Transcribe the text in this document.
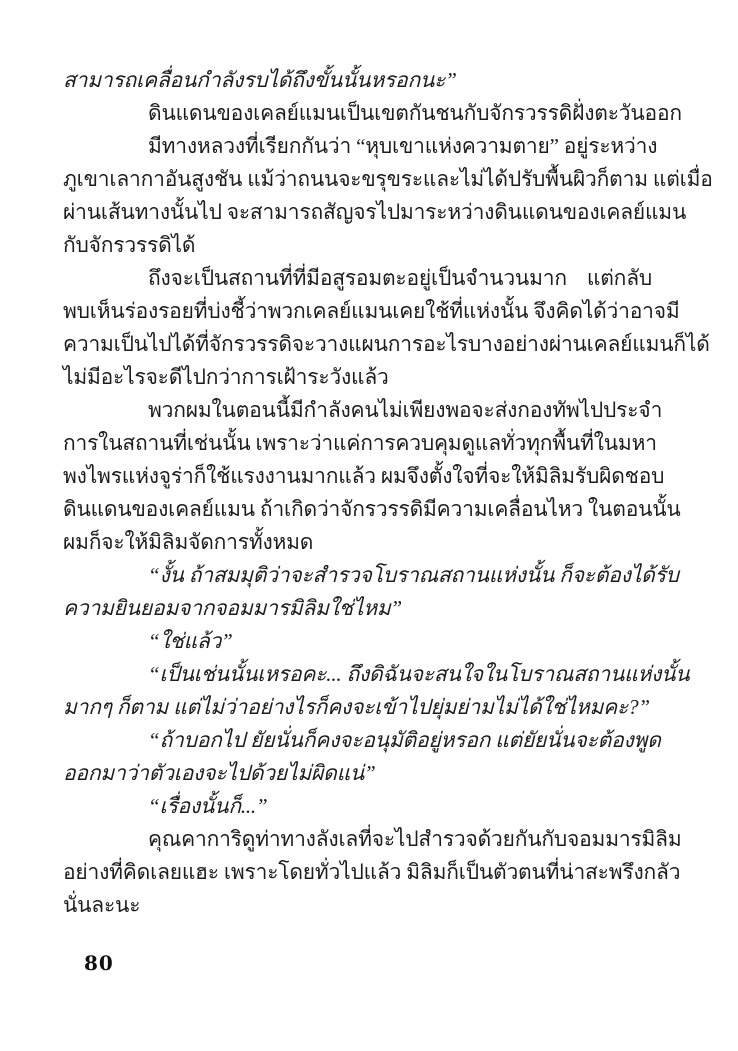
สามารถเคลื่อนกำลังรบได้ถึงขั้นนั้นหรอกนะ”
ดินแดนของเคลย์แมนเป็นเขตกันชนกับจักรวรรดิฝั่งตะวันออก
มีทางหลวงที่เรียกกันว่า “หุบเขาแห่งความตาย” อยู่ระหว่าง
ภูเขาเลากาอันสูงชัน แม้ว่าถนนจะขรุขระและไม่ได้ปรับพื้นผิวก็ตาม แต่เมื่อ
ผ่านเส้นทางนั้นไป จะสามารถสัญจรไปมาระหว่างดินแดนของเคลย์แมน
กับจักรวรรดิได้
ถึงจะเป็นสถานที่ที่มีอสูรอมตะอยู่เป็นจำนวนมาก แต่กลับ
พบเห็นร่องรอยที่บ่งชี้ว่าพวกเคลย์แมนเคยใช้ที่แห่งนั้น จึงคิดได้ว่าอาจมี
ความเป็นไปได้ที่จักรวรรดิจะวางแผนการอะไรบางอย่างผ่านเคลย์แมนก็ได้
ไม่มีอะไรจะดีไปกว่าการเฝ้าระวังแล้ว
พวกผมในตอนนี้มีกำลังคนไม่เพียงพอจะส่งกองทัพไปประจำ
การในสถานที่เช่นนั้น เพราะว่าแค่การควบคุมดูแลทั่วทุกพื้นที่ในมหา
พงไพรแห่งจูร่าก็ใช้แรงงานมากแล้ว ผมจึงตั้งใจที่จะให้มิลิมรับผิดชอบ
ดินแดนของเคลย์แมน ถ้าเกิดว่าจักรวรรดิมีความเคลื่อนไหว ในตอนนั้น
ผมก็จะให้มิลิมจัดการทั้งหมด
“งั้น ถ้าสมมุติว่าจะสำรวจโบราณสถานแห่งนั้น ก็จะต้องได้รับ
ความยินยอมจากจอมมารมิลิมใช่ไหม”
“ใช่แล้ว”
“เป็นเช่นนั้นเหรอคะ... ถึงดิฉันจะสนใจในโบราณสถานแห่งนั้น
มากๆ ก็ตาม แต่ไม่ว่าอย่างไรก็คงจะเข้าไปยุ่มย่ามไม่ได้ใช่ไหมคะ?”
“ถ้าบอกไป ยัยนั่นก็คงจะอนุมัติอยู่หรอก แต่ยัยนั่นจะต้องพูด
ออกมาว่าตัวเองจะไปด้วยไม่ผิดแน่”
“เรื่องนั้นก็...”
คุณคาการิดูท่าทางลังเลที่จะไปสำรวจด้วยกันกับจอมมารมิลิม
อย่างที่คิดเลยแฮะ เพราะโดยทั่วไปแล้ว มิลิมก็เป็นตัวตนที่น่าสะพรึงกลัว
นั่นละนะ
80
